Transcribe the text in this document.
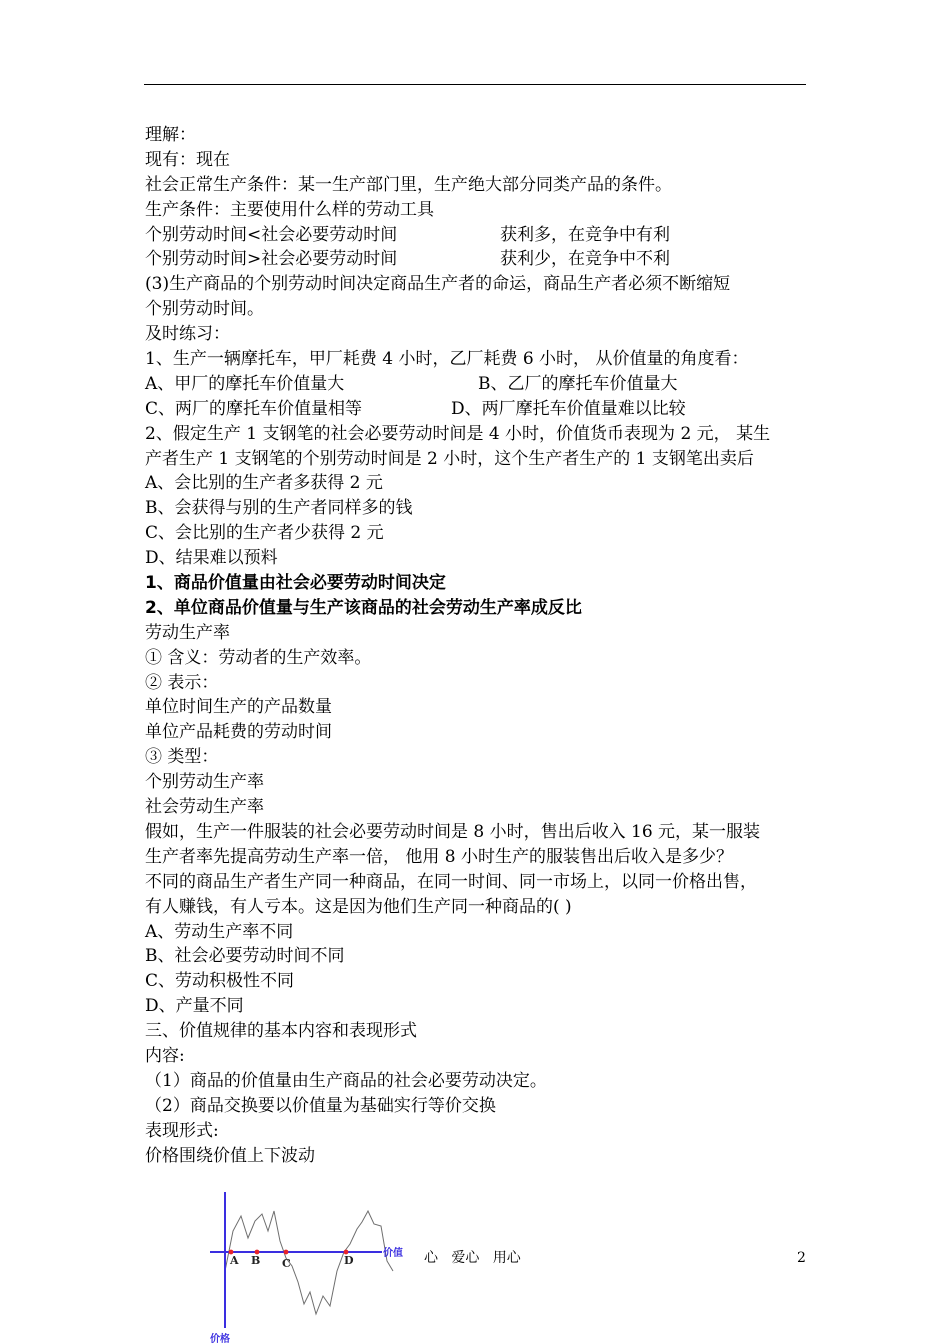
理解：
现有：现在
社会正常生产条件：某一生产部门里，生产绝大部分同类产品的条件。
生产条件：主要使用什么样的劳动工具
个别劳动时间<社会必要劳动时间	获利多，在竞争中有利
个别劳动时间>社会必要劳动时间	获利少，在竞争中不利
(3)生产商品的个别劳动时间决定商品生产者的命运，商品生产者必须不断缩短
个别劳动时间。
及时练习：
1、生产一辆摩托车，甲厂耗费 4 小时，乙厂耗费 6 小时， 从价值量的角度看：
A、甲厂的摩托车价值量大	B、乙厂的摩托车价值量大
C、两厂的摩托车价值量相等	D、两厂摩托车价值量难以比较
2、假定生产 1 支钢笔的社会必要劳动时间是 4 小时，价值货币表现为 2 元， 某生
产者生产 1 支钢笔的个别劳动时间是 2 小时，这个生产者生产的 1 支钢笔出卖后
A、会比别的生产者多获得 2 元
B、会获得与别的生产者同样多的钱
C、会比别的生产者少获得 2 元
D、结果难以预料
1、商品价值量由社会必要劳动时间决定
2、单位商品价值量与生产该商品的社会劳动生产率成反比
劳动生产率
① 含义：劳动者的生产效率。
② 表示：
单位时间生产的产品数量
单位产品耗费的劳动时间
③ 类型：
个别劳动生产率
社会劳动生产率
假如，生产一件服装的社会必要劳动时间是 8 小时，售出后收入 16 元，某一服装
生产者率先提高劳动生产率一倍， 他用 8 小时生产的服装售出后收入是多少？
不同的商品生产者生产同一种商品，在同一时间、同一市场上，以同一价格出售，
有人赚钱，有人亏本。这是因为他们生产同一种商品的( )
A、劳动生产率不同
B、社会必要劳动时间不同
C、劳动积极性不同
D、产量不同
三、价值规律的基本内容和表现形式
内容:
（1）商品的价值量由生产商品的社会必要劳动决定。
（2）商品交换要以价值量为基础实行等价交换
表现形式:
价格围绕价值上下波动
A B C	D
价值
价格
心   爱心   用心	2
